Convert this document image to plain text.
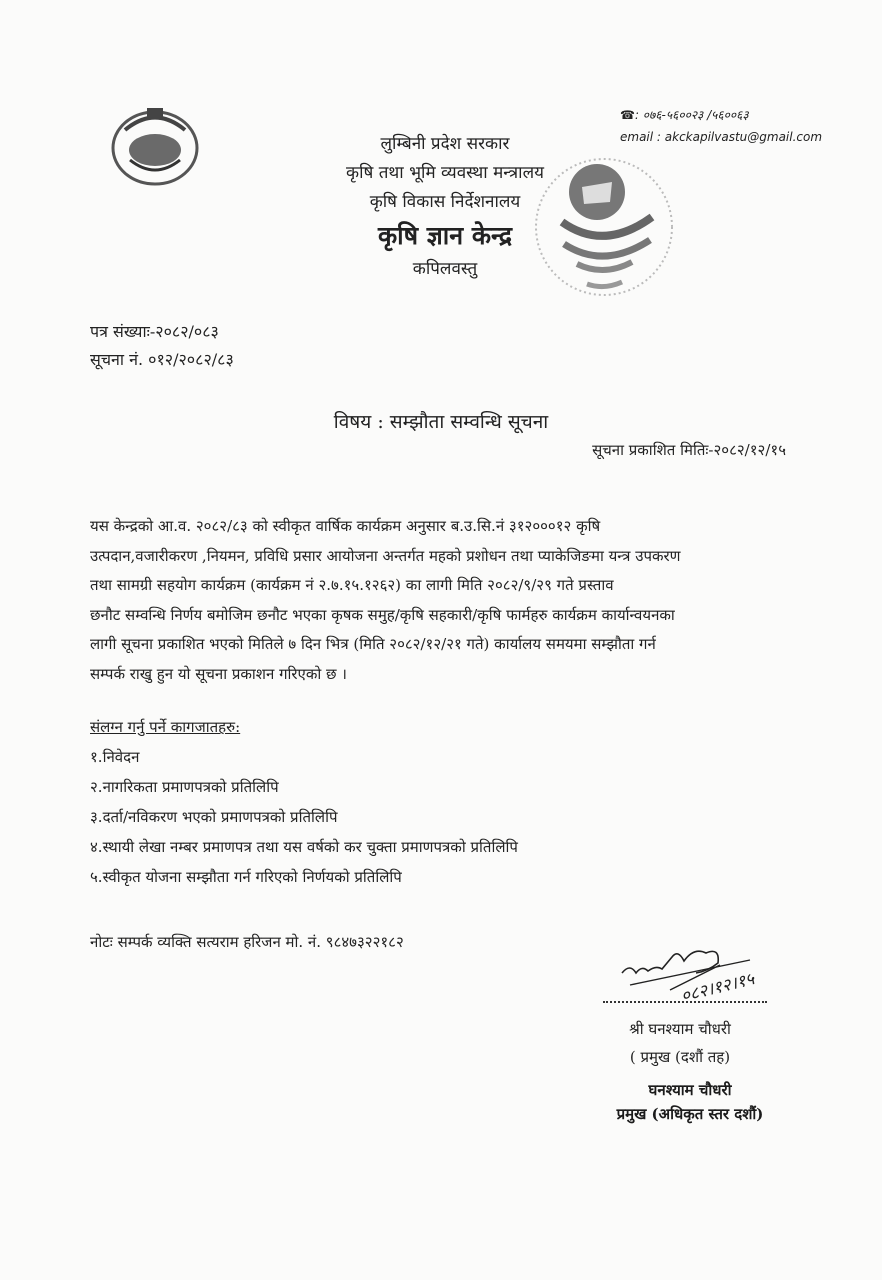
☎: ०७६-५६००२३ /५६००६३
email : akckapilvastu@gmail.com
लुम्बिनी प्रदेश सरकार
कृषि तथा भूमि व्यवस्था मन्त्रालय
कृषि विकास निर्देशनालय
कृषि ज्ञान केन्द्र
कपिलवस्तु
पत्र संख्याः-२०८२/०८३
सूचना नं. ०१२/२०८२/८३
विषय : सम्झौता सम्वन्धि सूचना
सूचना प्रकाशित मितिः-२०८२/१२/१५
यस केन्द्रको आ.व. २०८२/८३ को स्वीकृत वार्षिक कार्यक्रम अनुसार ब.उ.सि.नं ३१२०००१२ कृषि
उत्पदान,वजारीकरण ,नियमन, प्रविधि प्रसार आयोजना अन्तर्गत महको प्रशोधन तथा प्याकेजिङमा यन्त्र उपकरण
तथा सामग्री सहयोग कार्यक्रम (कार्यक्रम नं २.७.१५.१२६२) का लागी मिति २०८२/९/२९ गते प्रस्ताव
छनौट सम्वन्धि निर्णय बमोजिम छनौट भएका कृषक समुह/कृषि सहकारी/कृषि फार्महरु कार्यक्रम कार्यान्वयनका
लागी सूचना प्रकाशित भएको मितिले ७ दिन भित्र (मिति २०८२/१२/२१ गते) कार्यालय समयमा सम्झौता गर्न
सम्पर्क राखु हुन यो सूचना प्रकाशन गरिएको छ ।
संलग्न गर्नु पर्ने कागजातहरु:
१.निवेदन
२.नागरिकता प्रमाणपत्रको प्रतिलिपि
३.दर्ता/नविकरण भएको प्रमाणपत्रको प्रतिलिपि
४.स्थायी लेखा नम्बर प्रमाणपत्र तथा यस वर्षको कर चुक्ता प्रमाणपत्रको प्रतिलिपि
५.स्वीकृत योजना सम्झौता गर्न गरिएको निर्णयको प्रतिलिपि
नोटः सम्पर्क व्यक्ति सत्यराम हरिजन मो. नं. ९८४७३२२१८२
०८२।१२।१५
श्री घनश्याम चौधरी
( प्रमुख (दशौं तह)
घनश्याम चौधरी
प्रमुख (अधिकृत स्तर दशौं)
